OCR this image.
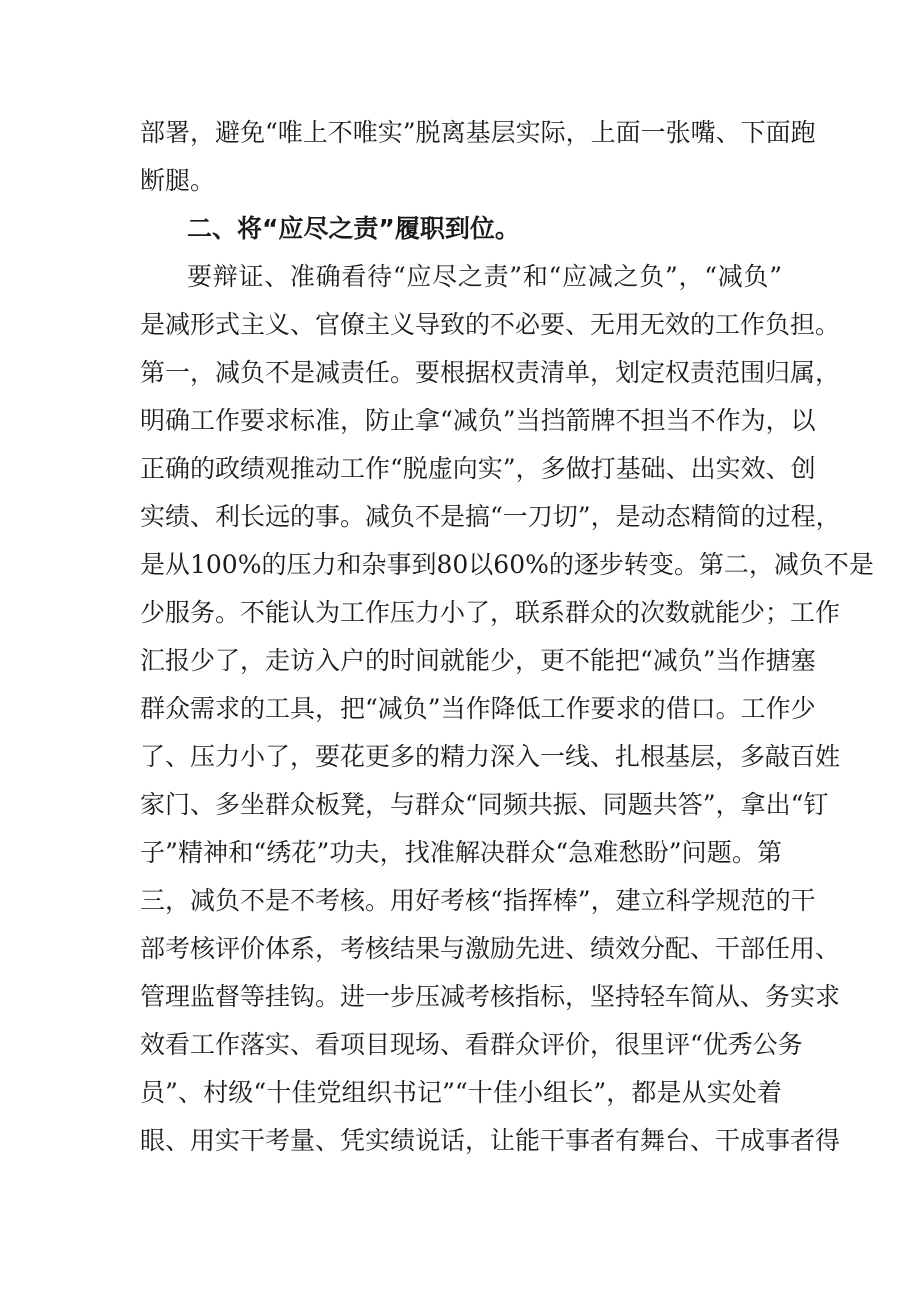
部署，避免“唯上不唯实”脱离基层实际，上面一张嘴、下面跑
断腿。
二、将“应尽之责”履职到位。
要辩证、准确看待“应尽之责”和“应减之负”，“减负”
是减形式主义、官僚主义导致的不必要、无用无效的工作负担。
第一，减负不是减责任。要根据权责清单，划定权责范围归属，
明确工作要求标准，防止拿“减负”当挡箭牌不担当不作为，以
正确的政绩观推动工作“脱虚向实”，多做打基础、出实效、创
实绩、利长远的事。减负不是搞“一刀切”，是动态精简的过程，
是从100%的压力和杂事到80以60%的逐步转变。第二，减负不是
少服务。不能认为工作压力小了，联系群众的次数就能少；工作
汇报少了，走访入户的时间就能少，更不能把“减负”当作搪塞
群众需求的工具，把“减负”当作降低工作要求的借口。工作少
了、压力小了，要花更多的精力深入一线、扎根基层，多敲百姓
家门、多坐群众板凳，与群众“同频共振、同题共答”，拿出“钉
子”精神和“绣花”功夫，找准解决群众“急难愁盼”问题。第
三，减负不是不考核。用好考核“指挥棒”，建立科学规范的干
部考核评价体系，考核结果与激励先进、绩效分配、干部任用、
管理监督等挂钩。进一步压减考核指标，坚持轻车简从、务实求
效看工作落实、看项目现场、看群众评价，很里评“优秀公务
员”、村级“十佳党组织书记”“十佳小组长”，都是从实处着
眼、用实干考量、凭实绩说话，让能干事者有舞台、干成事者得
